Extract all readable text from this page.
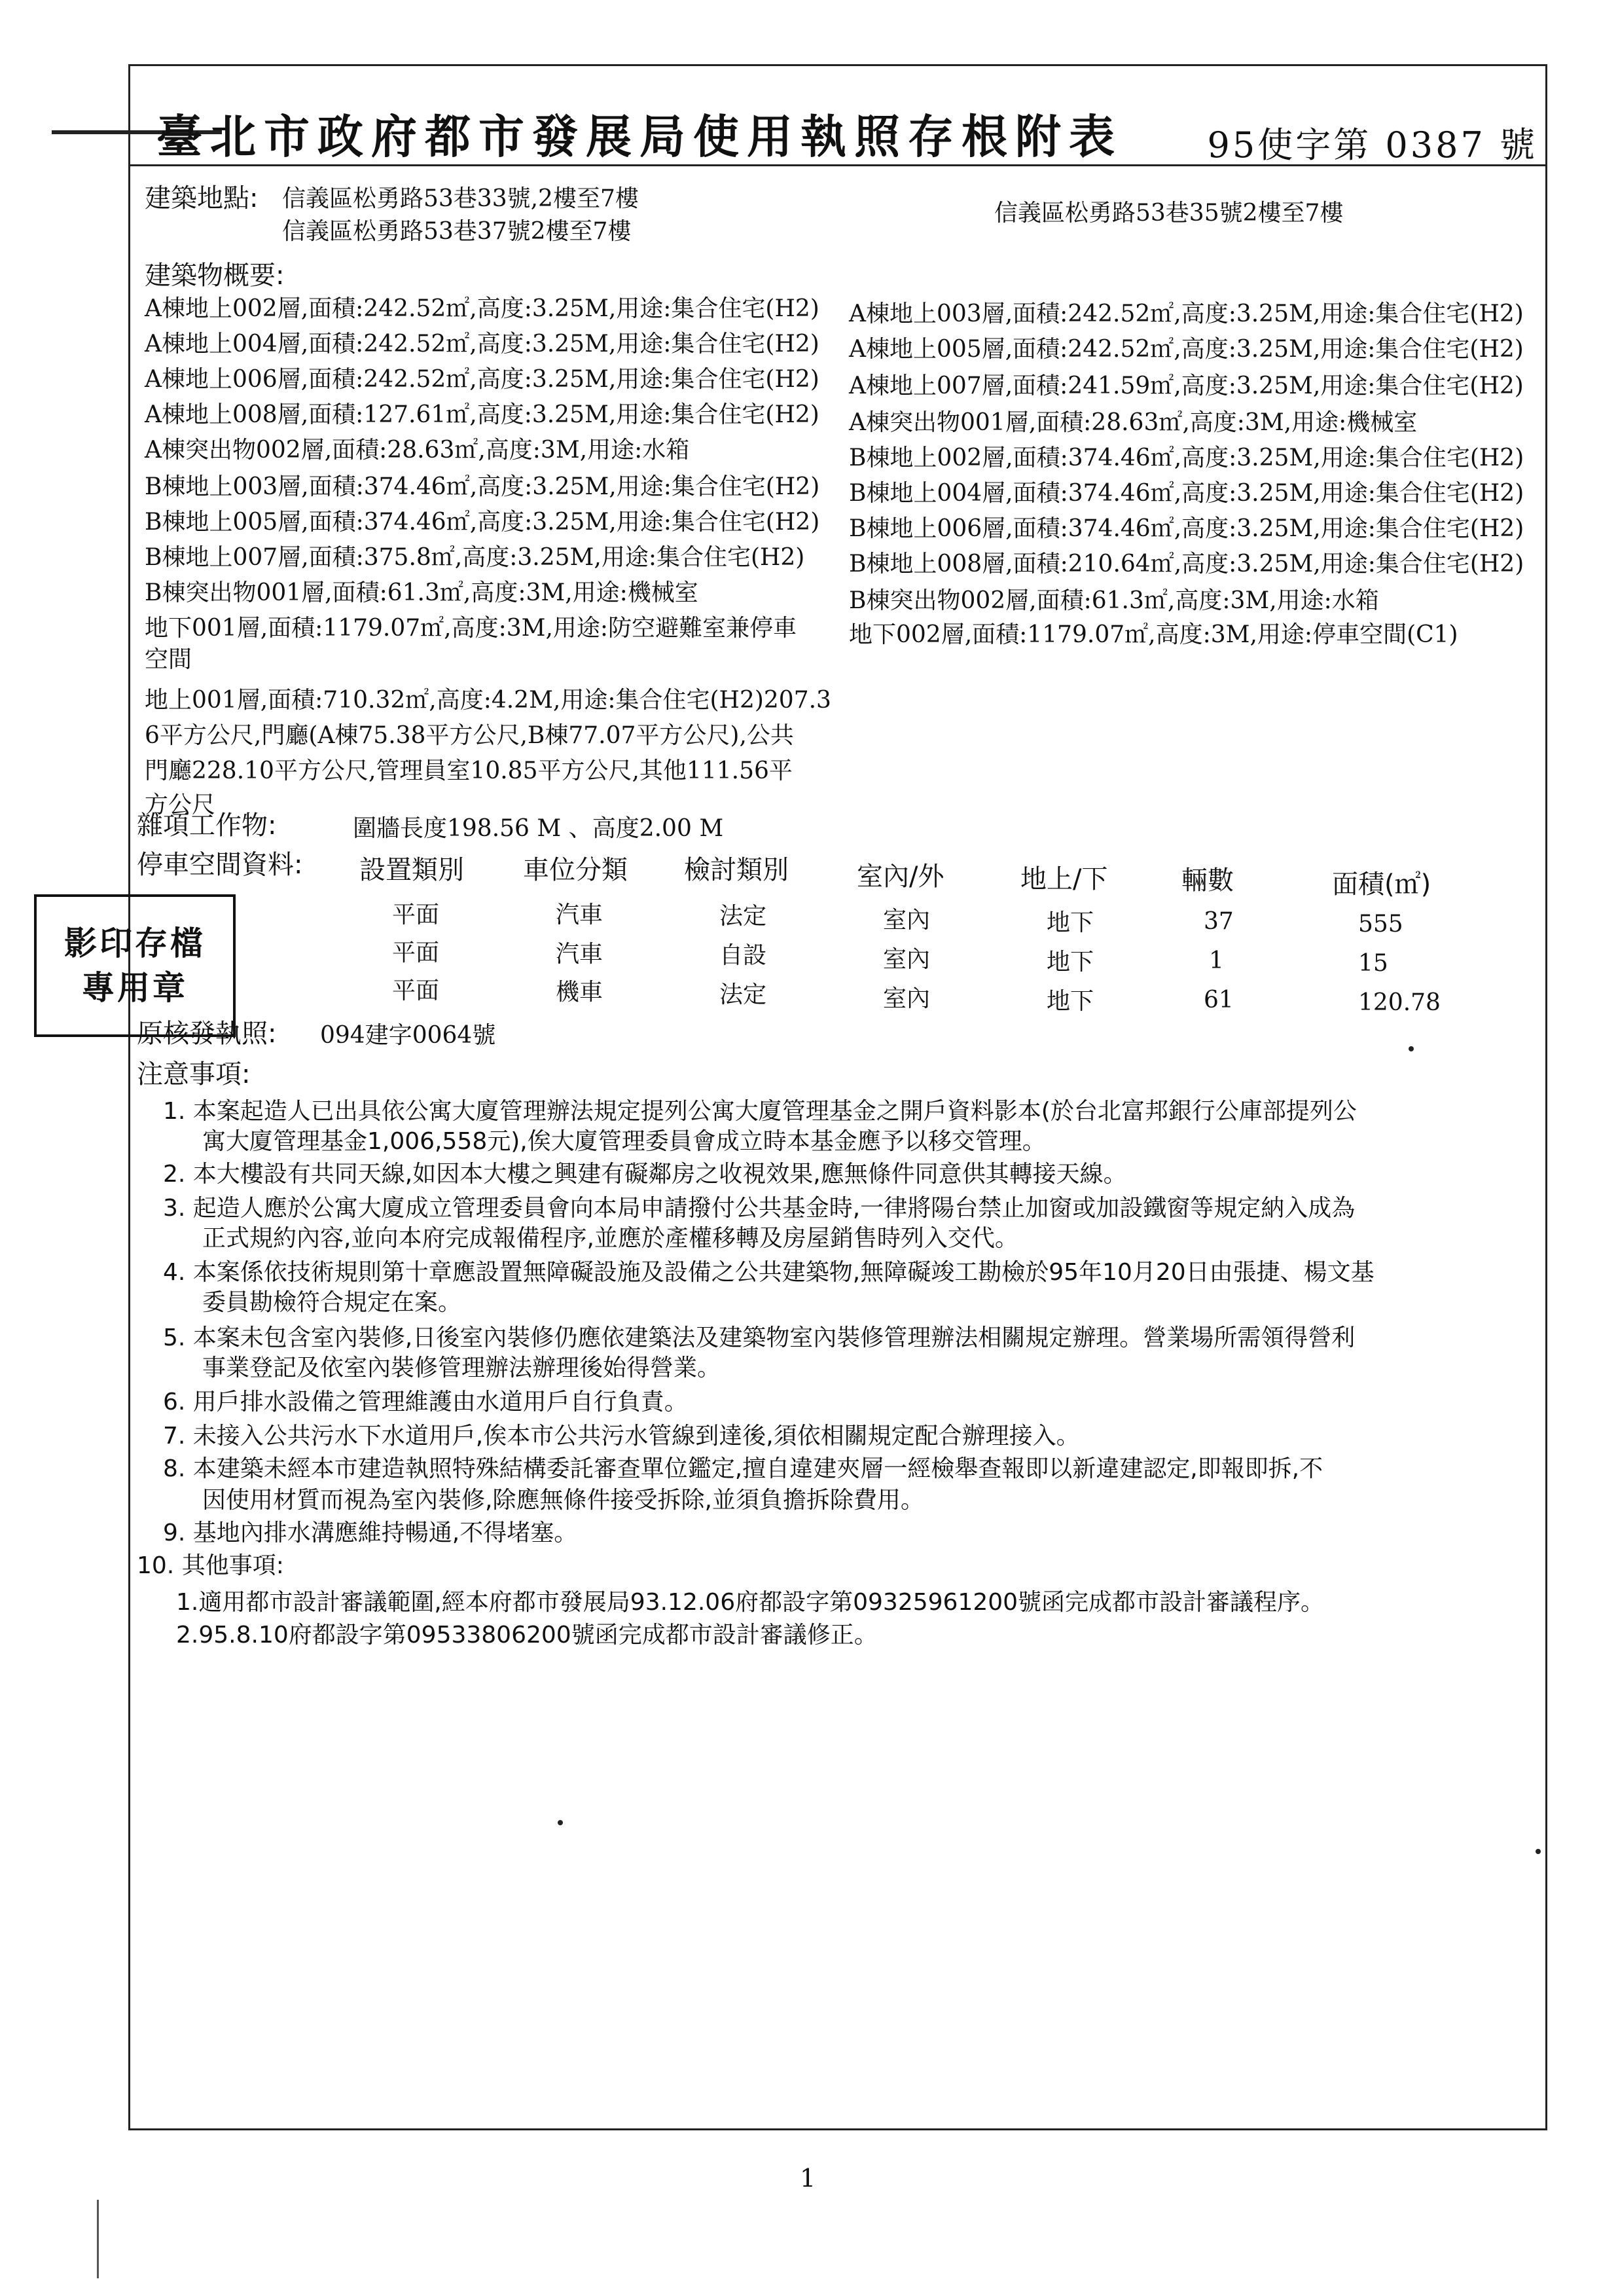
臺北市政府都市發展局使用執照存根附表 95使字第 0387 號
建築地點: 信義區松勇路53巷33號,2樓至7樓
信義區松勇路53巷37號2樓至7樓
信義區松勇路53巷35號2樓至7樓
建築物概要:
A棟地上002層,面積:242.52㎡,高度:3.25M,用途:集合住宅(H2)
A棟地上004層,面積:242.52㎡,高度:3.25M,用途:集合住宅(H2)
A棟地上006層,面積:242.52㎡,高度:3.25M,用途:集合住宅(H2)
A棟地上008層,面積:127.61㎡,高度:3.25M,用途:集合住宅(H2)
A棟突出物002層,面積:28.63㎡,高度:3M,用途:水箱
B棟地上003層,面積:374.46㎡,高度:3.25M,用途:集合住宅(H2)
B棟地上005層,面積:374.46㎡,高度:3.25M,用途:集合住宅(H2)
B棟地上007層,面積:375.8㎡,高度:3.25M,用途:集合住宅(H2)
B棟突出物001層,面積:61.3㎡,高度:3M,用途:機械室
地下001層,面積:1179.07㎡,高度:3M,用途:防空避難室兼停車
空間
地上001層,面積:710.32㎡,高度:4.2M,用途:集合住宅(H2)207.3
6平方公尺,門廳(A棟75.38平方公尺,B棟77.07平方公尺),公共
門廳228.10平方公尺,管理員室10.85平方公尺,其他111.56平
方公尺
A棟地上003層,面積:242.52㎡,高度:3.25M,用途:集合住宅(H2)
A棟地上005層,面積:242.52㎡,高度:3.25M,用途:集合住宅(H2)
A棟地上007層,面積:241.59㎡,高度:3.25M,用途:集合住宅(H2)
A棟突出物001層,面積:28.63㎡,高度:3M,用途:機械室
B棟地上002層,面積:374.46㎡,高度:3.25M,用途:集合住宅(H2)
B棟地上004層,面積:374.46㎡,高度:3.25M,用途:集合住宅(H2)
B棟地上006層,面積:374.46㎡,高度:3.25M,用途:集合住宅(H2)
B棟地上008層,面積:210.64㎡,高度:3.25M,用途:集合住宅(H2)
B棟突出物002層,面積:61.3㎡,高度:3M,用途:水箱
地下002層,面積:1179.07㎡,高度:3M,用途:停車空間(C1)
雜項工作物:	圍牆長度198.56 M 、高度2.00 M
停車空間資料: 設置類別 車位分類 檢討類別	室內/外	地上/下	輛數	面積(㎡)
平面	汽車	法定	室內	地下	37	555
平面	汽車	自設	室內	地下	1	15
平面	機車	法定	室內	地下	61	120.78
原核發執照: 094建字0064號
注意事項:
1. 本案起造人已出具依公寓大廈管理辦法規定提列公寓大廈管理基金之開戶資料影本(於台北富邦銀行公庫部提列公
寓大廈管理基金1,006,558元),俟大廈管理委員會成立時本基金應予以移交管理。
2. 本大樓設有共同天線,如因本大樓之興建有礙鄰房之收視效果,應無條件同意供其轉接天線。
3. 起造人應於公寓大廈成立管理委員會向本局申請撥付公共基金時,一律將陽台禁止加窗或加設鐵窗等規定納入成為
正式規約內容,並向本府完成報備程序,並應於產權移轉及房屋銷售時列入交代。
4. 本案係依技術規則第十章應設置無障礙設施及設備之公共建築物,無障礙竣工勘檢於95年10月20日由張捷、楊文基
委員勘檢符合規定在案。
5. 本案未包含室內裝修,日後室內裝修仍應依建築法及建築物室內裝修管理辦法相關規定辦理。營業場所需領得營利
事業登記及依室內裝修管理辦法辦理後始得營業。
6. 用戶排水設備之管理維護由水道用戶自行負責。
7. 未接入公共污水下水道用戶,俟本市公共污水管線到達後,須依相關規定配合辦理接入。
8. 本建築未經本市建造執照特殊結構委託審查單位鑑定,擅自違建夾層一經檢舉查報即以新違建認定,即報即拆,不
因使用材質而視為室內裝修,除應無條件接受拆除,並須負擔拆除費用。
9. 基地內排水溝應維持暢通,不得堵塞。
10. 其他事項:
1.適用都市設計審議範圍,經本府都市發展局93.12.06府都設字第09325961200號函完成都市設計審議程序。
2.95.8.10府都設字第09533806200號函完成都市設計審議修正。
影印存檔
專用章
1
